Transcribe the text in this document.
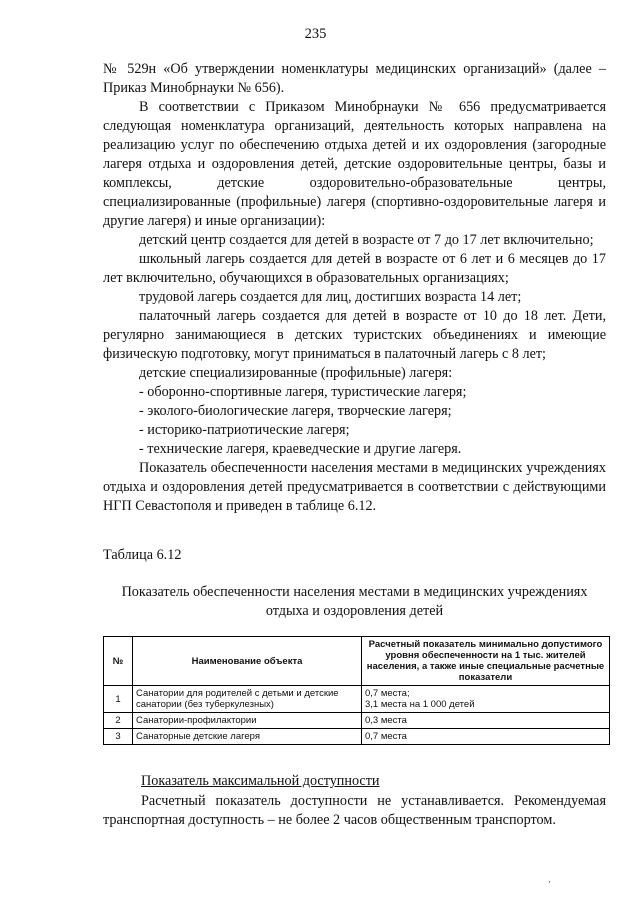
235

№ 529н «Об утверждении номенклатуры медицинских организаций» (далее – Приказ Минобрнауки № 656).

В соответствии с Приказом Минобрнауки № 656 предусматривается следующая номенклатура организаций, деятельность которых направлена на реализацию услуг по обеспечению отдыха детей и их оздоровления (загородные лагеря отдыха и оздоровления детей, детские оздоровительные центры, базы и комплексы, детские оздоровительно-образовательные центры, специализированные (профильные) лагеря (спортивно-оздоровительные лагеря и другие лагеря) и иные организации):

детский центр создается для детей в возрасте от 7 до 17 лет включительно;

школьный лагерь создается для детей в возрасте от 6 лет и 6 месяцев до 17 лет включительно, обучающихся в образовательных организациях;

трудовой лагерь создается для лиц, достигших возраста 14 лет;

палаточный лагерь создается для детей в возрасте от 10 до 18 лет. Дети, регулярно занимающиеся в детских туристских объединениях и имеющие физическую подготовку, могут приниматься в палаточный лагерь с 8 лет;

детские специализированные (профильные) лагеря:

- оборонно-спортивные лагеря, туристические лагеря;

- эколого-биологические лагеря, творческие лагеря;

- историко-патриотические лагеря;

- технические лагеря, краеведческие и другие лагеря.

Показатель обеспеченности населения местами в медицинских учреждениях отдыха и оздоровления детей предусматривается в соответствии с действующими НГП Севастополя и приведен в таблице 6.12.

Таблица 6.12
Показатель обеспеченности населения местами в медицинских учреждениях отдыха и оздоровления детей
№	Наименование объекта	Расчетный показатель минимально допустимого уровня обеспеченности на 1 тыс. жителей населения, а также иные специальные расчетные показатели
1	Санатории для родителей с детьми и детские санатории (без туберкулезных)	0,7 места;
3,1 места на 1 000 детей
2	Санатории-профилактории	0,3 места
3	Санаторные детские лагеря	0,7 места
Показатель максимальной доступности
Расчетный показатель доступности не устанавливается. Рекомендуемая транспортная доступность – не более 2 часов общественным транспортом.
‚
